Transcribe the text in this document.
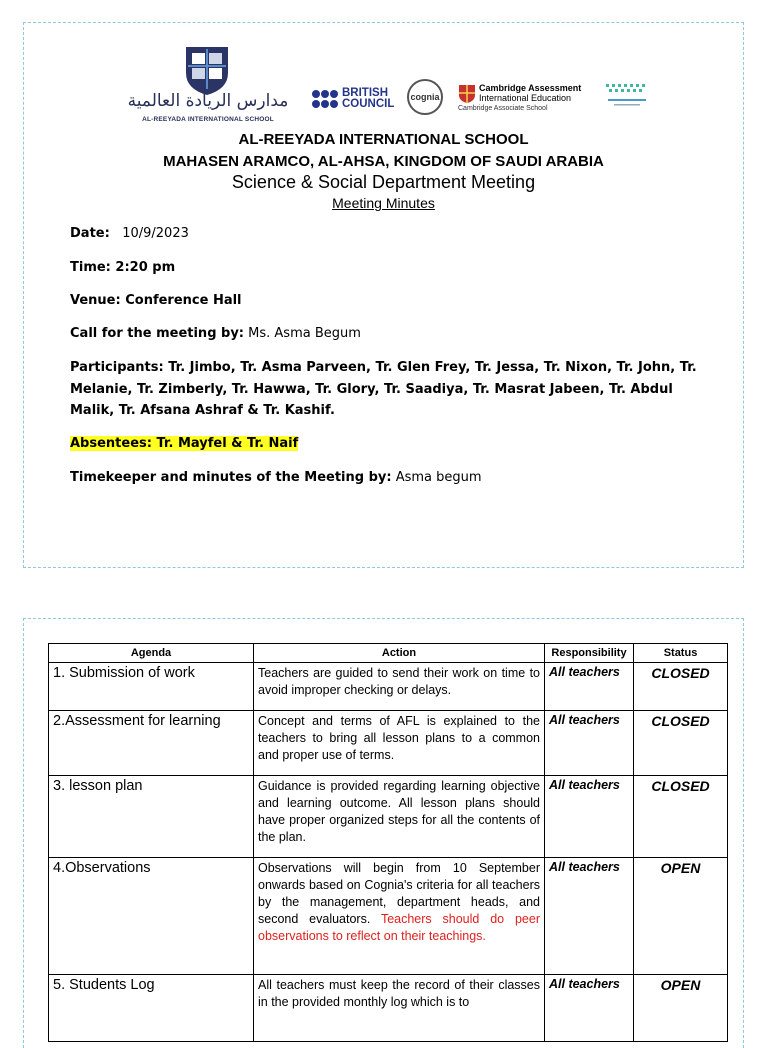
مدارس الريادة العالمية
AL-REEYADA INTERNATIONAL SCHOOL
BRITISH
COUNCIL
cognia
Cambridge Assessment
International Education
Cambridge Associate School
AL-REEYADA INTERNATIONAL SCHOOL
MAHASEN ARAMCO, AL-AHSA, KINGDOM OF SAUDI ARABIA
Science & Social Department Meeting
Meeting Minutes
Date: 10/9/2023
Time: 2:20 pm
Venue: Conference Hall
Call for the meeting by: Ms. Asma Begum
Participants: Tr. Jimbo, Tr. Asma Parveen, Tr. Glen Frey, Tr. Jessa, Tr. Nixon, Tr. John, Tr. Melanie, Tr. Zimberly, Tr. Hawwa, Tr. Glory, Tr. Saadiya, Tr. Masrat Jabeen, Tr. Abdul Malik, Tr. Afsana Ashraf & Tr. Kashif.
Absentees: Tr. Mayfel & Tr. Naif
Timekeeper and minutes of the Meeting by: Asma begum
Agenda	Action	Responsibility	Status
1. Submission of work	Teachers are guided to send their work on time to avoid improper checking or delays.	All teachers	CLOSED
2.Assessment for learning	Concept and terms of AFL is explained to the teachers to bring all lesson plans to a common and proper use of terms.	All teachers	CLOSED
3. lesson plan	Guidance is provided regarding learning objective and learning outcome. All lesson plans should have proper organized steps for all the contents of the plan.	All teachers	CLOSED
4.Observations	Observations will begin from 10 September onwards based on Cognia's criteria for all teachers by the management, department heads, and second evaluators. Teachers should do peer observations to reflect on their teachings.	All teachers	OPEN
5. Students Log	All teachers must keep the record of their classes in the provided monthly log which is to	All teachers	OPEN
